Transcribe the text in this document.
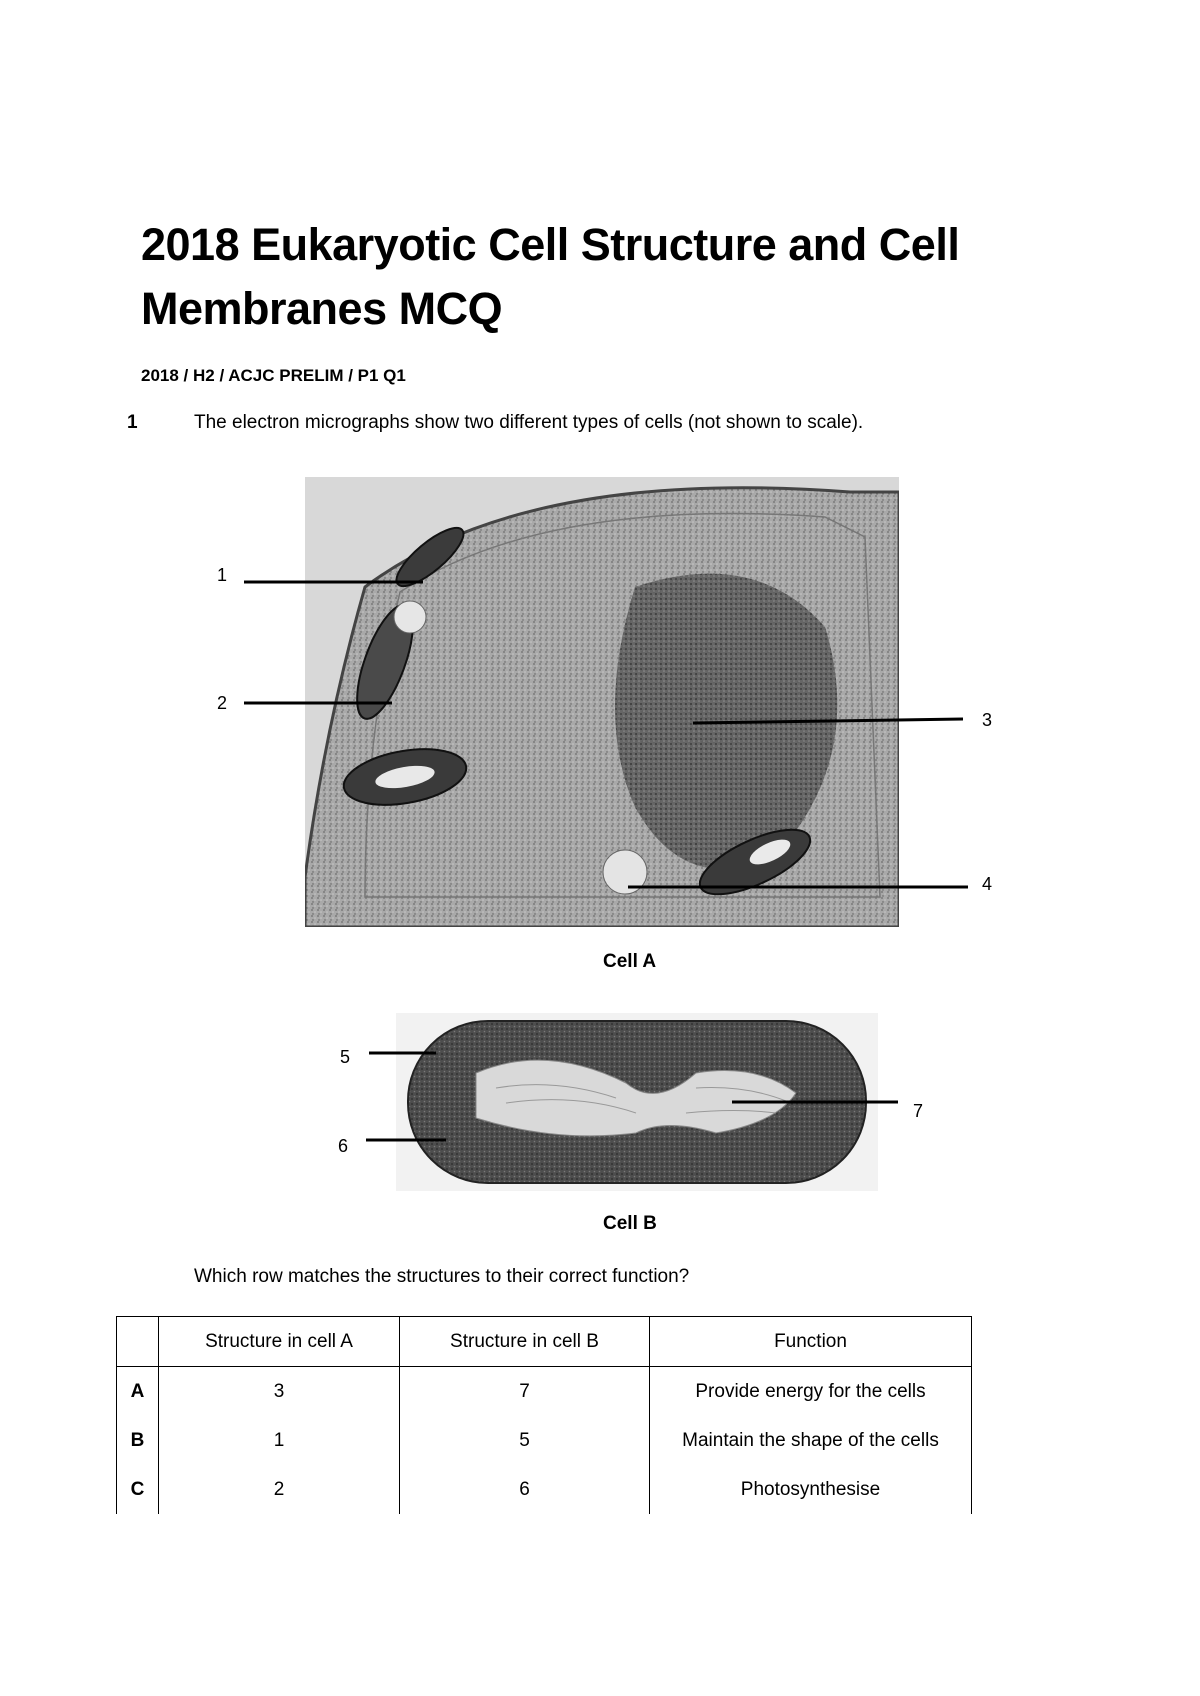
2018 Eukaryotic Cell Structure and Cell Membranes MCQ

2018 / H2 / ACJC PRELIM / P1 Q1

1	The electron micrographs show two different types of cells (not shown to scale).
1
2
3
4
Cell A
5
6
7
Cell B
Which row matches the structures to their correct function?
	Structure in cell A	Structure in cell B	Function
A	3	7	Provide energy for the cells
B	1	5	Maintain the shape of the cells
C	2	6	Photosynthesise
